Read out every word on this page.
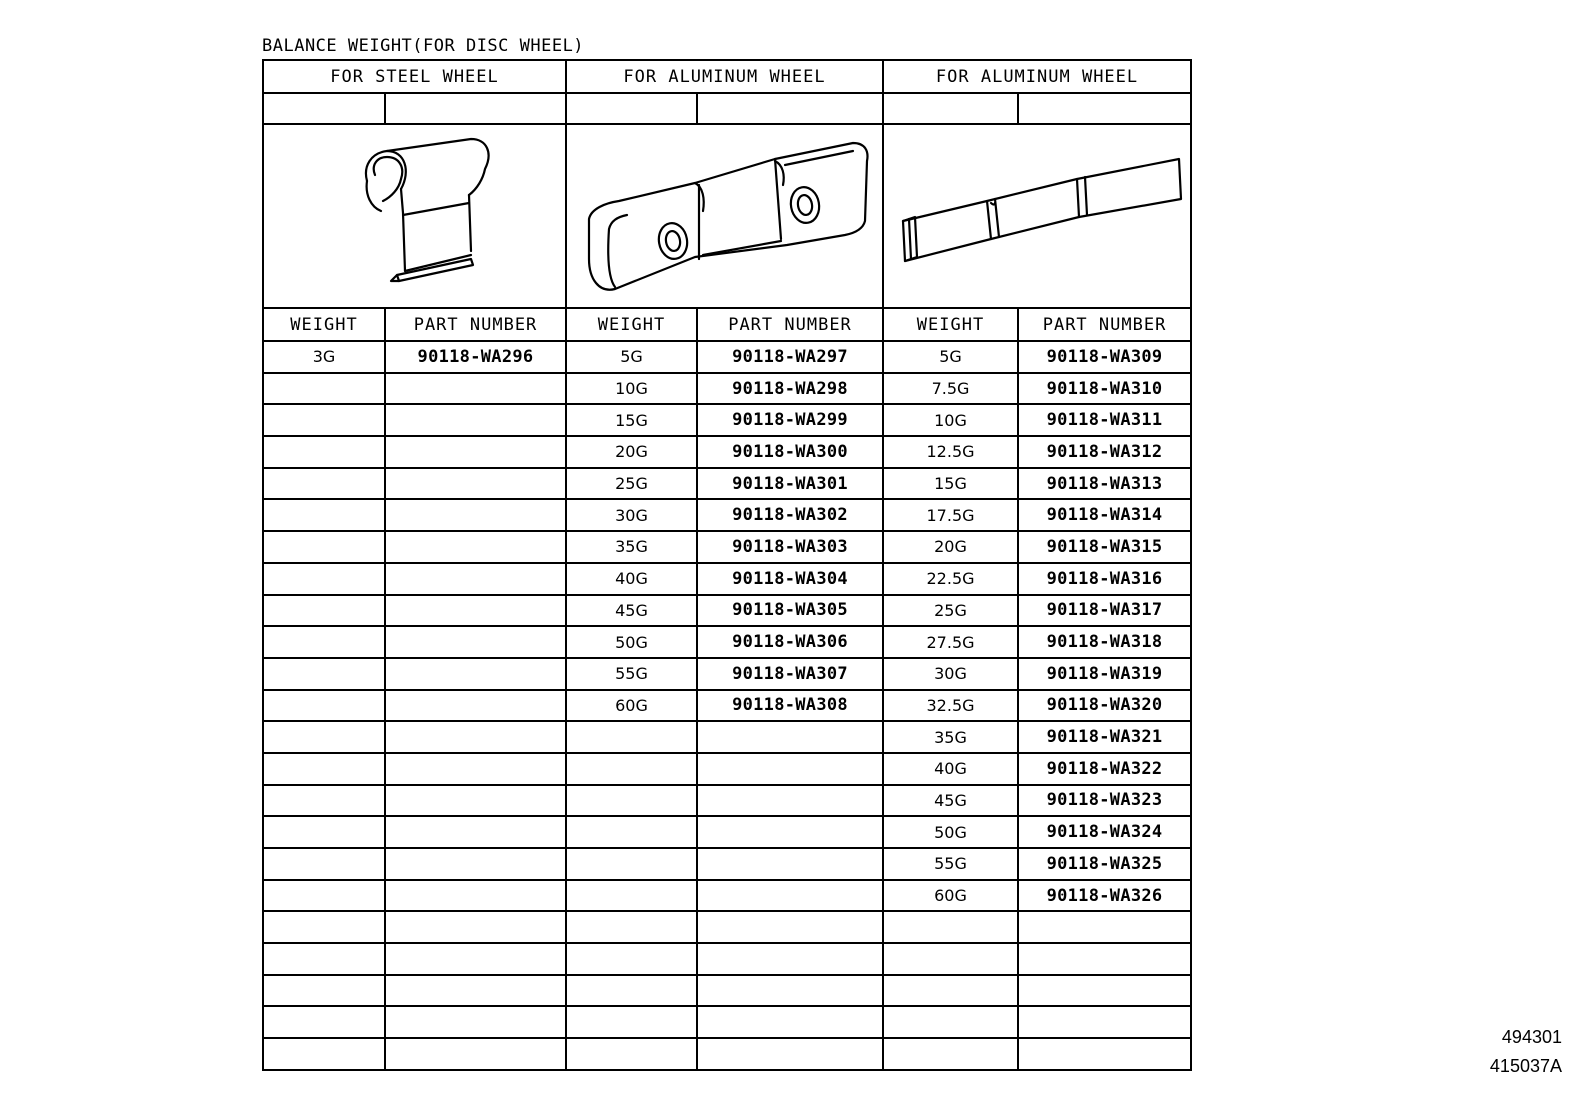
BALANCE WEIGHT(FOR DISC WHEEL)
FOR STEEL WHEEL		FOR ALUMINUM WHEEL		FOR ALUMINUM WHEEL	

WEIGHT	PART NUMBER	WEIGHT	PART NUMBER	WEIGHT	PART NUMBER
3G	90118-WA296	5G	90118-WA297	5G	90118-WA309
		10G	90118-WA298	7.5G	90118-WA310
		15G	90118-WA299	10G	90118-WA311
		20G	90118-WA300	12.5G	90118-WA312
		25G	90118-WA301	15G	90118-WA313
		30G	90118-WA302	17.5G	90118-WA314
		35G	90118-WA303	20G	90118-WA315
		40G	90118-WA304	22.5G	90118-WA316
		45G	90118-WA305	25G	90118-WA317
		50G	90118-WA306	27.5G	90118-WA318
		55G	90118-WA307	30G	90118-WA319
		60G	90118-WA308	32.5G	90118-WA320
				35G	90118-WA321
				40G	90118-WA322
				45G	90118-WA323
				50G	90118-WA324
				55G	90118-WA325
				60G	90118-WA326

494301
415037A
